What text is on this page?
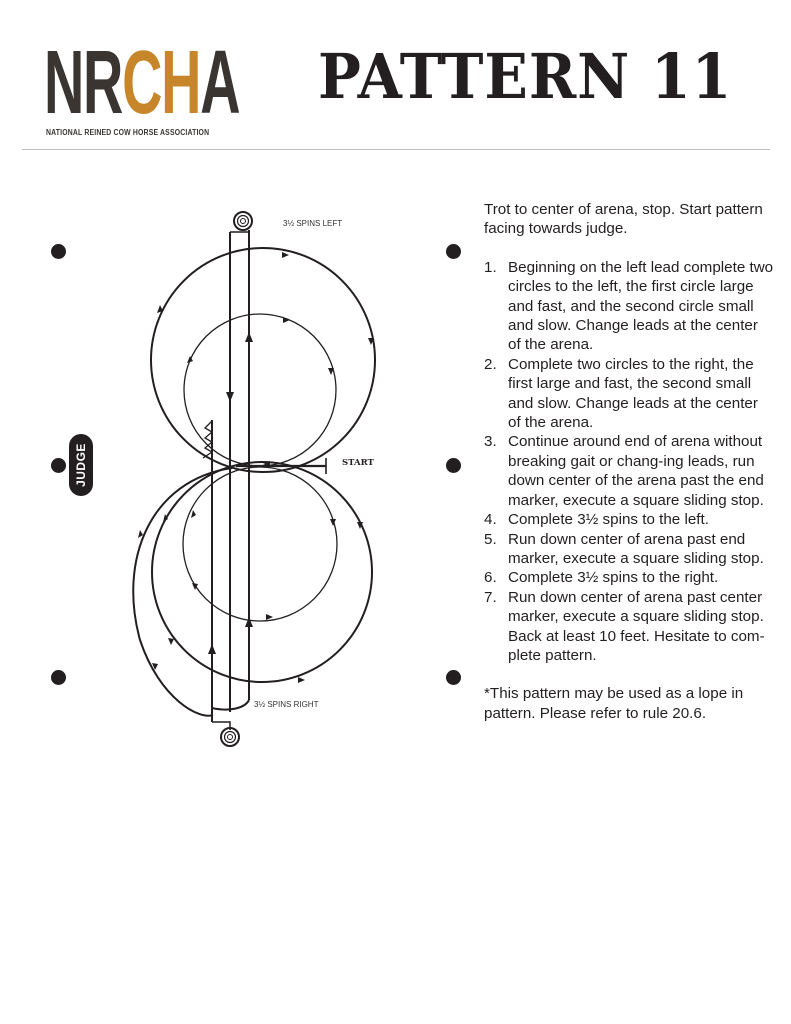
NRCHA
NATIONAL REINED COW HORSE ASSOCIATION
PATTERN 11
JUDGE
3½ SPINS LEFT
3½ SPINS RIGHT
START

Trot to center of arena, stop. Start pattern facing towards judge.

1. Beginning on the left lead complete two circles to the left, the first circle large and fast, and the second circle small and slow. Change leads at the center of the arena.
2. Complete two circles to the right, the first large and fast, the second small and slow. Change leads at the center of the arena.
3. Continue around end of arena without breaking gait or chang-ing leads, run down center of the arena past the end marker, execute a square sliding stop.
4. Complete 3½ spins to the left.
5. Run down center of arena past end marker, execute a square sliding stop.
6. Complete 3½ spins to the right.
7. Run down center of arena past center marker, execute a square sliding stop. Back at least 10 feet. Hesitate to com-plete pattern.

*This pattern may be used as a lope in pattern. Please refer to rule 20.6.
